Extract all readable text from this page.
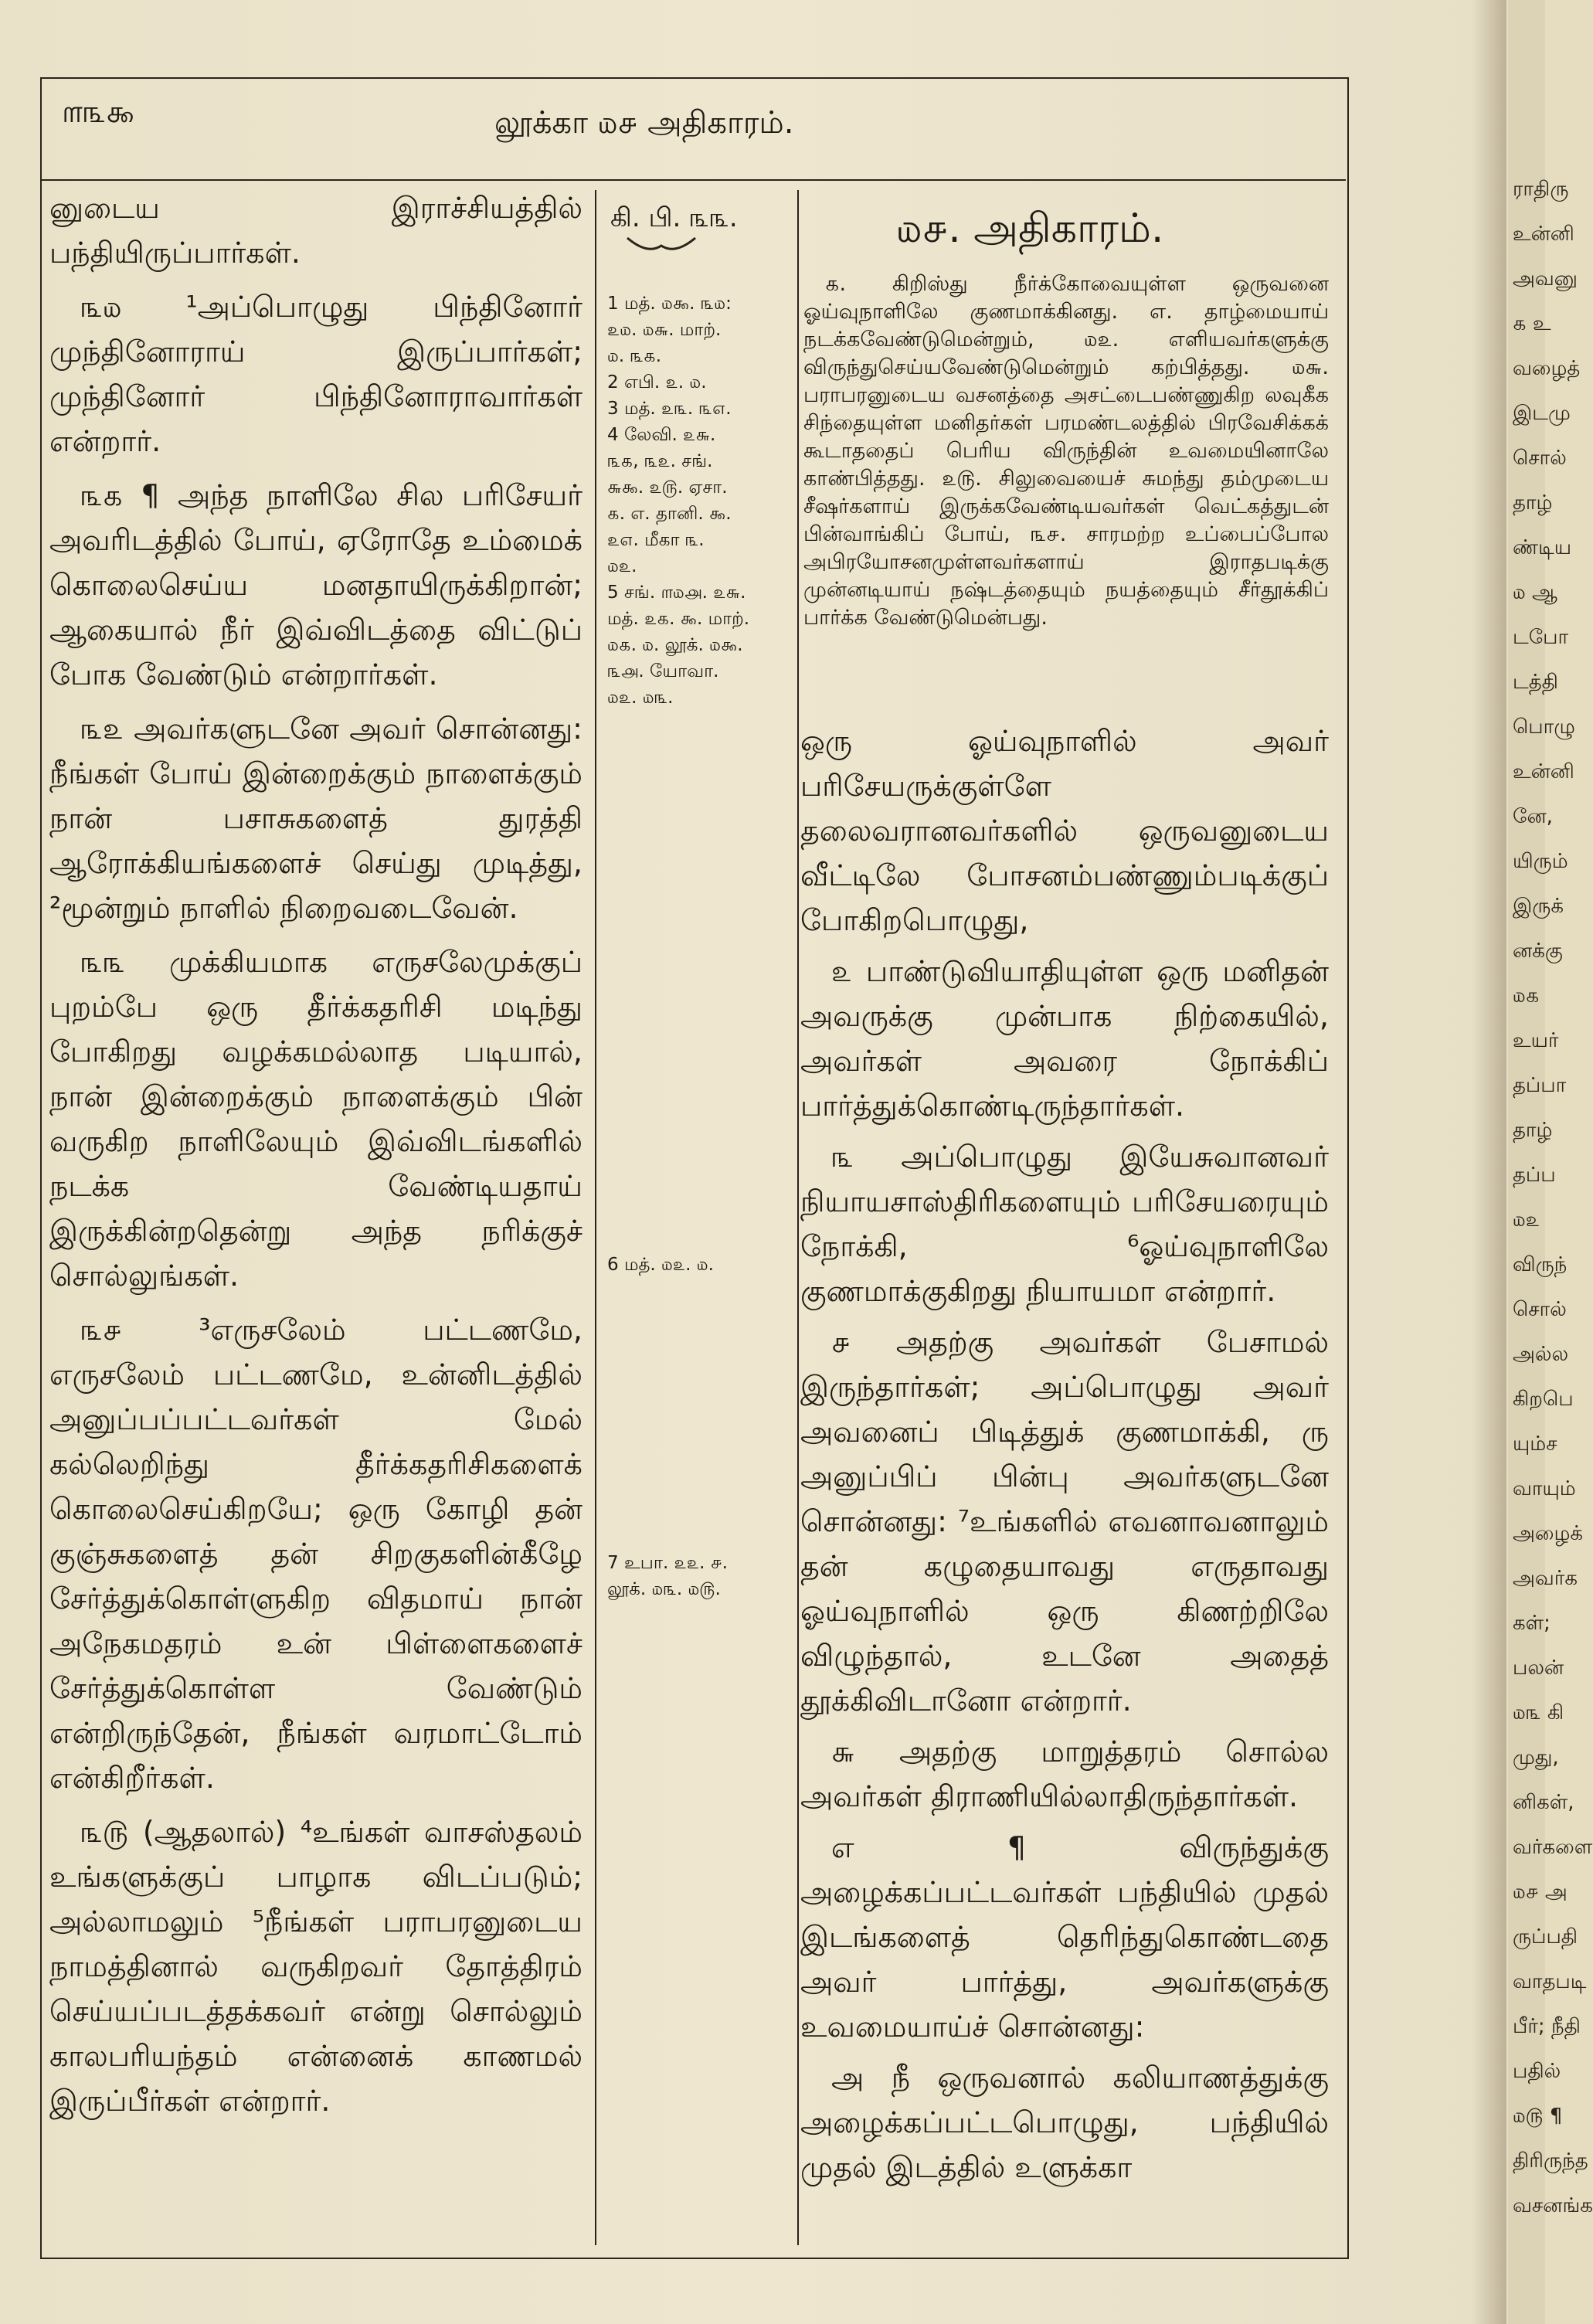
ராதிரு
உன்னி
அவனு
௧ உ
வழைத்
இடமு
சொல்
தாழ்
ண்டிய
௰ ஆ
டபோ
டத்தி
பொழு
உன்னி
னே,
யிரும்
இருக்
னக்கு
௰௧
உயர்
தப்பா
தாழ்
தப்ப
௰௨
விருந்
சொல்
அல்ல
கிறபெ
யும்ச
வாயும்
அழைக்
அவர்க
கள்;
பலன்
௰௩ கி
முது,
னிகள்,
வர்களை
௰௪ அ
ருப்பதி
வாதபடி
பீர்; நீதி
பதில்
௰௫ ¶
திரிருந்த
வசனங்க
௱௩௯	லூக்கா ௰௪ அதிகாரம்.

னுடைய இராச்சியத்தில் பந்தியிருப்பார்கள்.

௩௰ ¹அப்பொழுது பிந்தினோர் முந்தினோராய் இருப்பார்கள்; முந்தினோர் பிந்தினோராவார்கள் என்றார்.

௩௧ ¶ அந்த நாளிலே சில பரிசேயர் அவரிடத்தில் போய், ஏரோதே உம்மைக் கொலைசெய்ய மனதாயிருக்கிறான்; ஆகையால் நீர் இவ்விடத்தை விட்டுப் போக வேண்டும் என்றார்கள்.

௩௨ அவர்களுடனே அவர் சொன்னது: நீங்கள் போய் இன்றைக்கும் நாளைக்கும் நான் பசாசுகளைத் துரத்தி ஆரோக்கியங்களைச் செய்து முடித்து, ²மூன்றும் நாளில் நிறைவடைவேன்.

௩௩ முக்கியமாக எருசலேமுக்குப் புறம்பே ஒரு தீர்க்கதரிசி மடிந்து போகிறது வழக்கமல்லாத படியால், நான் இன்றைக்கும் நாளைக்கும் பின் வருகிற நாளிலேயும் இவ்விடங்களில் நடக்க வேண்டியதாய் இருக்கின்றதென்று அந்த நரிக்குச் சொல்லுங்கள்.

௩௪ ³எருசலேம் பட்டணமே, எருசலேம் பட்டணமே, உன்னிடத்தில் அனுப்பப்பட்டவர்கள் மேல் கல்லெறிந்து தீர்க்கதரிசிகளைக் கொலைசெய்கிறயே; ஒரு கோழி தன் குஞ்சுகளைத் தன் சிறகுகளின்கீழே சேர்த்துக்கொள்ளுகிற விதமாய் நான் அநேகமதரம் உன் பிள்ளைகளைச் சேர்த்துக்கொள்ள வேண்டும் என்றிருந்தேன், நீங்கள் வரமாட்டோம் என்கிறீர்கள்.

௩௫ (ஆதலால்) ⁴உங்கள் வாசஸ்தலம் உங்களுக்குப் பாழாக விடப்படும்; அல்லாமலும் ⁵நீங்கள் பராபரனுடைய நாமத்தினால் வருகிறவர் தோத்திரம் செய்யப்படத்தக்கவர் என்று சொல்லும் காலபரியந்தம் என்னைக் காணமல் இருப்பீர்கள் என்றார்.

கி. பி. ௩௩.
1 மத். ௰௯. ௩௰:
௨௰. ௰௬. மாற்.
௰. ௩௧.
2 எபி. ௨. ௰.
3 மத். ௨௩. ௩௭.
4 லேவி. ௨௬.
௩௧, ௩௨. சங்.
௬௯. ௨௫. ஏசா.
௧. எ. தானி. ௯.
௨௭. மீகா ௩.
௰௨.
5 சங். ௱௰௮. ௨௬.
மத். ௨௧. ௯. மாற்.
௰௧. ௰. லூக். ௰௯.
௩௮. யோவா.
௰௨. ௰௩.
6 மத். ௰௨. ௰.
7 உபா. ௨௨. ௪.
லூக். ௰௩. ௰௫.
௰௪. அதிகாரம்.
௧. கிறிஸ்து நீர்க்கோவையுள்ள ஒருவனை ஓய்வுநாளிலே குணமாக்கினது. எ. தாழ்மையாய் நடக்கவேண்டுமென்றும், ௰௨. எளியவர்களுக்கு விருந்துசெய்யவேண்டுமென்றும் கற்பித்தது. ௰௬. பராபரனுடைய வசனத்தை அசட்டைபண்ணுகிற லவுகீக சிந்தையுள்ள மனிதர்கள் பரமண்டலத்தில் பிரவேசிக்கக் கூடாததைப் பெரிய விருந்தின் உவமையினாலே காண்பித்தது. ௨௫. சிலுவையைச் சுமந்து தம்முடைய சீஷர்களாய் இருக்கவேண்டியவர்கள் வெட்கத்துடன் பின்வாங்கிப் போய், ௩௪. சாரமற்ற உப்பைப்போல அபிரயோசனமுள்ளவர்களாய் இராதபடிக்கு முன்னடியாய் நஷ்டத்தையும் நயத்தையும் சீர்தூக்கிப் பார்க்க வேண்டுமென்பது.

ஒரு ஓய்வுநாளில் அவர் பரிசேயருக்குள்ளே தலைவரானவர்களில் ஒருவனுடைய வீட்டிலே போசனம்பண்ணும்படிக்குப் போகிறபொழுது,

௨ பாண்டுவியாதியுள்ள ஒரு மனிதன் அவருக்கு முன்பாக நிற்கையில், அவர்கள் அவரை நோக்கிப் பார்த்துக்கொண்டிருந்தார்கள்.

௩ அப்பொழுது இயேசுவானவர் நியாயசாஸ்திரிகளையும் பரிசேயரையும் நோக்கி, ⁶ஓய்வுநாளிலே குணமாக்குகிறது நியாயமா என்றார்.

௪ அதற்கு அவர்கள் பேசாமல் இருந்தார்கள்; அப்பொழுது அவர் அவனைப் பிடித்துக் குணமாக்கி, ரு அனுப்பிப் பின்பு அவர்களுடனே சொன்னது: ⁷உங்களில் எவனாவனாலும் தன் கழுதையாவது எருதாவது ஓய்வுநாளில் ஒரு கிணற்றிலே விழுந்தால், உடனே அதைத் தூக்கிவிடானோ என்றார்.

௬ அதற்கு மாறுத்தரம் சொல்ல அவர்கள் திராணியில்லாதிருந்தார்கள்.

எ ¶ விருந்துக்கு அழைக்கப்பட்டவர்கள் பந்தியில் முதல் இடங்களைத் தெரிந்துகொண்டதை அவர் பார்த்து, அவர்களுக்கு உவமையாய்ச் சொன்னது:

அ நீ ஒருவனால் கலியாணத்துக்கு அழைக்கப்பட்டபொழுது, பந்தியில் முதல் இடத்தில் உளுக்கா
